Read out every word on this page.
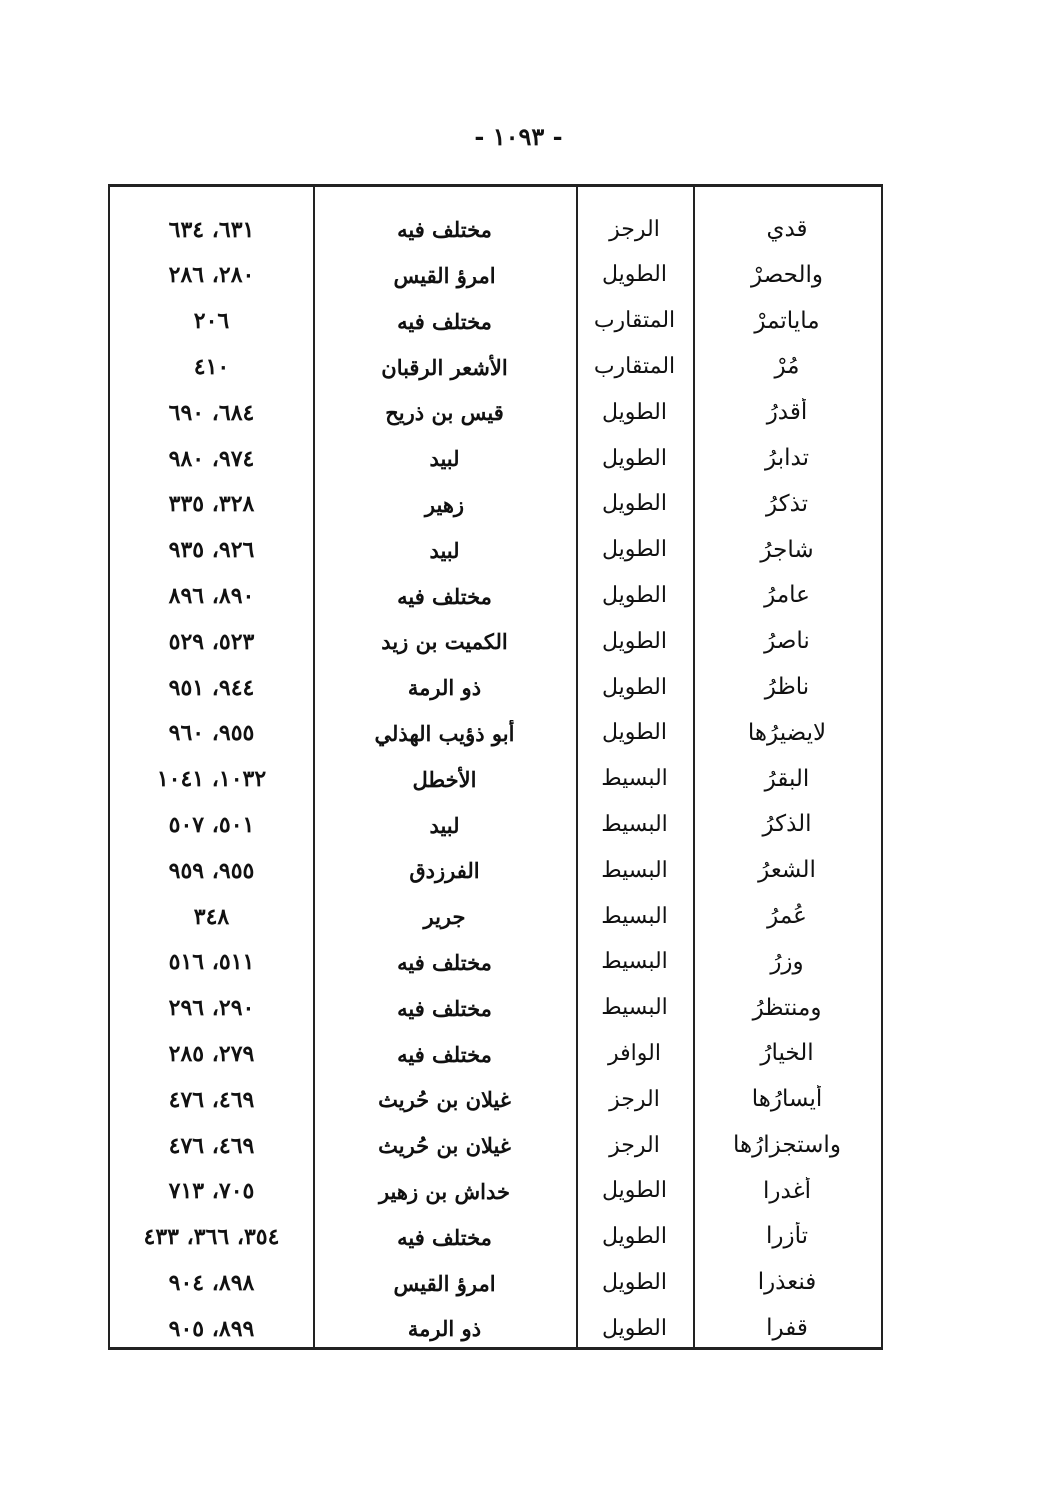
- ١٠٩٣ -
قدي
الرجز
مختلف فيه
٦٣١، ٦٣٤
والحصرْ
الطويل
امرؤ القيس
٢٨٠، ٢٨٦
ماياتمرْ
المتقارب
مختلف فيه
٢٠٦
مُرْ
المتقارب
الأشعر الرقبان
٤١٠
أقدرُ
الطويل
قيس بن ذريح
٦٨٤، ٦٩٠
تدابرُ
الطويل
لبيد
٩٧٤، ٩٨٠
تذكرُ
الطويل
زهير
٣٢٨، ٣٣٥
شاجرُ
الطويل
لبيد
٩٢٦، ٩٣٥
عامرُ
الطويل
مختلف فيه
٨٩٠، ٨٩٦
ناصرُ
الطويل
الكميت بن زيد
٥٢٣، ٥٢٩
ناظرُ
الطويل
ذو الرمة
٩٤٤، ٩٥١
لايضيرُها
الطويل
أبو ذؤيب الهذلي
٩٥٥، ٩٦٠
البقرُ
البسيط
الأخطل
١٠٣٢، ١٠٤١
الذكرُ
البسيط
لبيد
٥٠١، ٥٠٧
الشعرُ
البسيط
الفرزدق
٩٥٥، ٩٥٩
عُمرُ
البسيط
جرير
٣٤٨
وزرُ
البسيط
مختلف فيه
٥١١، ٥١٦
ومنتظرُ
البسيط
مختلف فيه
٢٩٠، ٢٩٦
الخيارُ
الوافر
مختلف فيه
٢٧٩، ٢٨٥
أيسارُها
الرجز
غيلان بن حُريث
٤٦٩، ٤٧٦
واستجزارُها
الرجز
غيلان بن حُريث
٤٦٩، ٤٧٦
أغدرا
الطويل
خداش بن زهير
٧٠٥، ٧١٣
تأزرا
الطويل
مختلف فيه
٣٥٤، ٣٦٦، ٤٣٣
فنعذرا
الطويل
امرؤ القيس
٨٩٨، ٩٠٤
قفرا
الطويل
ذو الرمة
٨٩٩، ٩٠٥
